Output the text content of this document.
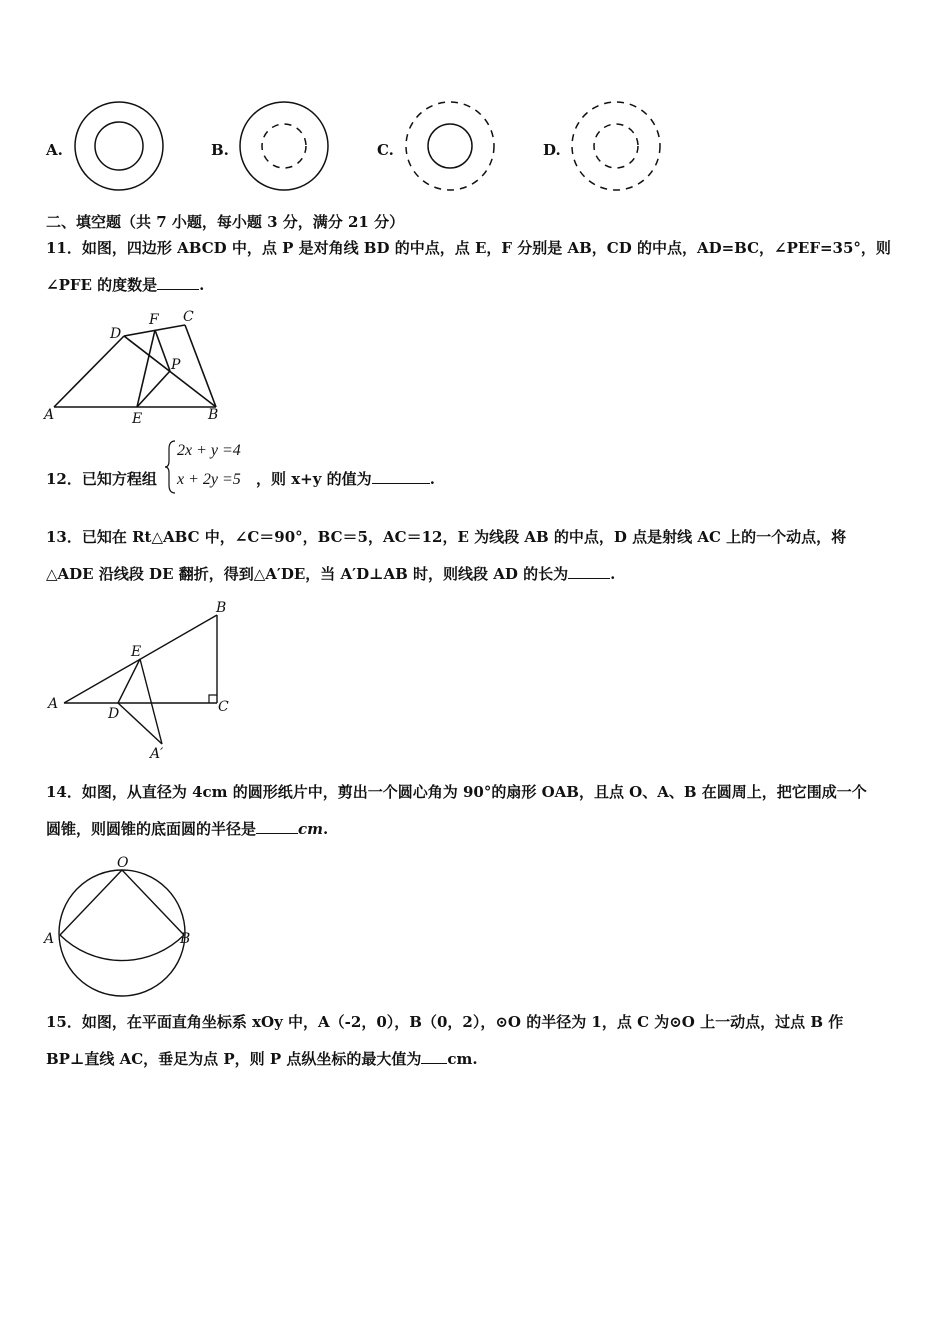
A.	B.	C.	D.
二、填空题（共 7 小题，每小题 3 分，满分 21 分）
11．如图，四边形 ABCD 中，点 P 是对角线 BD 的中点，点 E，F 分别是 AB，CD 的中点，AD=BC，∠PEF=35°，则
∠PFE 的度数是	.
A	B
C
D
E
F
P
12．已知方程组
2x + y =4
x + 2y =5 ，则 x+y 的值为	.
13．已知在 Rt△ABC 中，∠C＝90°，BC＝5，AC＝12，E 为线段 AB 的中点，D 点是射线 AC 上的一个动点，将
△ADE 沿线段 DE 翻折，得到△A′DE，当 A′D⊥AB 时，则线段 AD 的长为	.
A
B
C
D
E
A′
14．如图，从直径为 4cm 的圆形纸片中，剪出一个圆心角为 90°的扇形 OAB，且点 O、A、B 在圆周上，把它围成一个
圆锥，则圆锥的底面圆的半径是	cm.
O
A	B
15．如图，在平面直角坐标系 xOy 中，A（-2，0），B（0，2），⊙O 的半径为 1，点 C 为⊙O 上一动点，过点 B 作
BP⊥直线 AC，垂足为点 P，则 P 点纵坐标的最大值为 cm.
